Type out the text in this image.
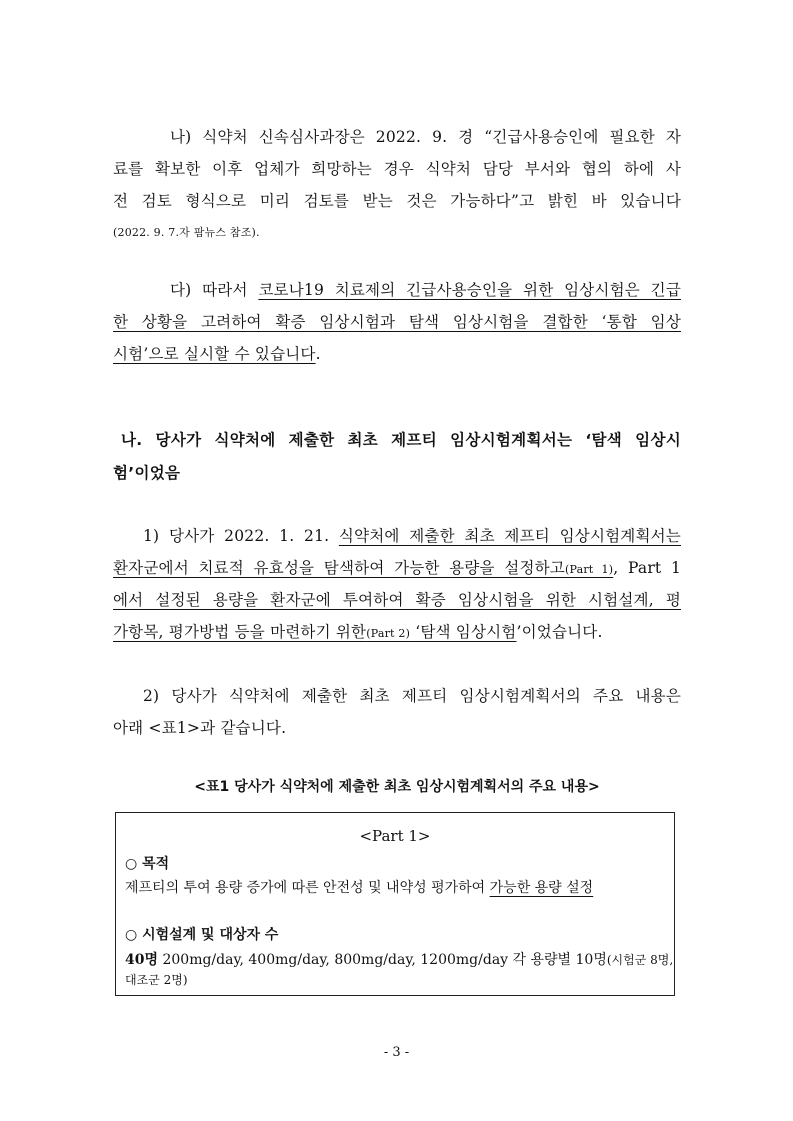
나) 식약처 신속심사과장은 2022. 9. 경 “긴급사용승인에 필요한 자
료를 확보한 이후 업체가 희망하는 경우 식약처 담당 부서와 협의 하에 사
전 검토 형식으로 미리 검토를 받는 것은 가능하다”고 밝힌 바 있습니다
(2022. 9. 7.자 팜뉴스 참조).
다) 따라서 코로나19 치료제의 긴급사용승인을 위한 임상시험은 긴급
한 상황을 고려하여 확증 임상시험과 탐색 임상시험을 결합한 ‘통합 임상
시험’으로 실시할 수 있습니다.
나. 당사가 식약처에 제출한 최초 제프티 임상시험계획서는 ‘탐색 임상시
험’이었음
1) 당사가 2022. 1. 21. 식약처에 제출한 최초 제프티 임상시험계획서는
환자군에서 치료적 유효성을 탐색하여 가능한 용량을 설정하고(Part 1), Part 1
에서 설정된 용량을 환자군에 투여하여 확증 임상시험을 위한 시험설계, 평
가항목, 평가방법 등을 마련하기 위한(Part 2) ‘탐색 임상시험’이었습니다.
2) 당사가 식약처에 제출한 최초 제프티 임상시험계획서의 주요 내용은
아래 <표1>과 같습니다.
<표1 당사가 식약처에 제출한 최초 임상시험계획서의 주요 내용>
<Part 1>
○ 목적
제프티의 투여 용량 증가에 따른 안전성 및 내약성 평가하여 가능한 용량 설정
○ 시험설계 및 대상자 수
40명 200mg/day, 400mg/day, 800mg/day, 1200mg/day 각 용량별 10명(시험군 8명,
대조군 2명)
- 3 -
